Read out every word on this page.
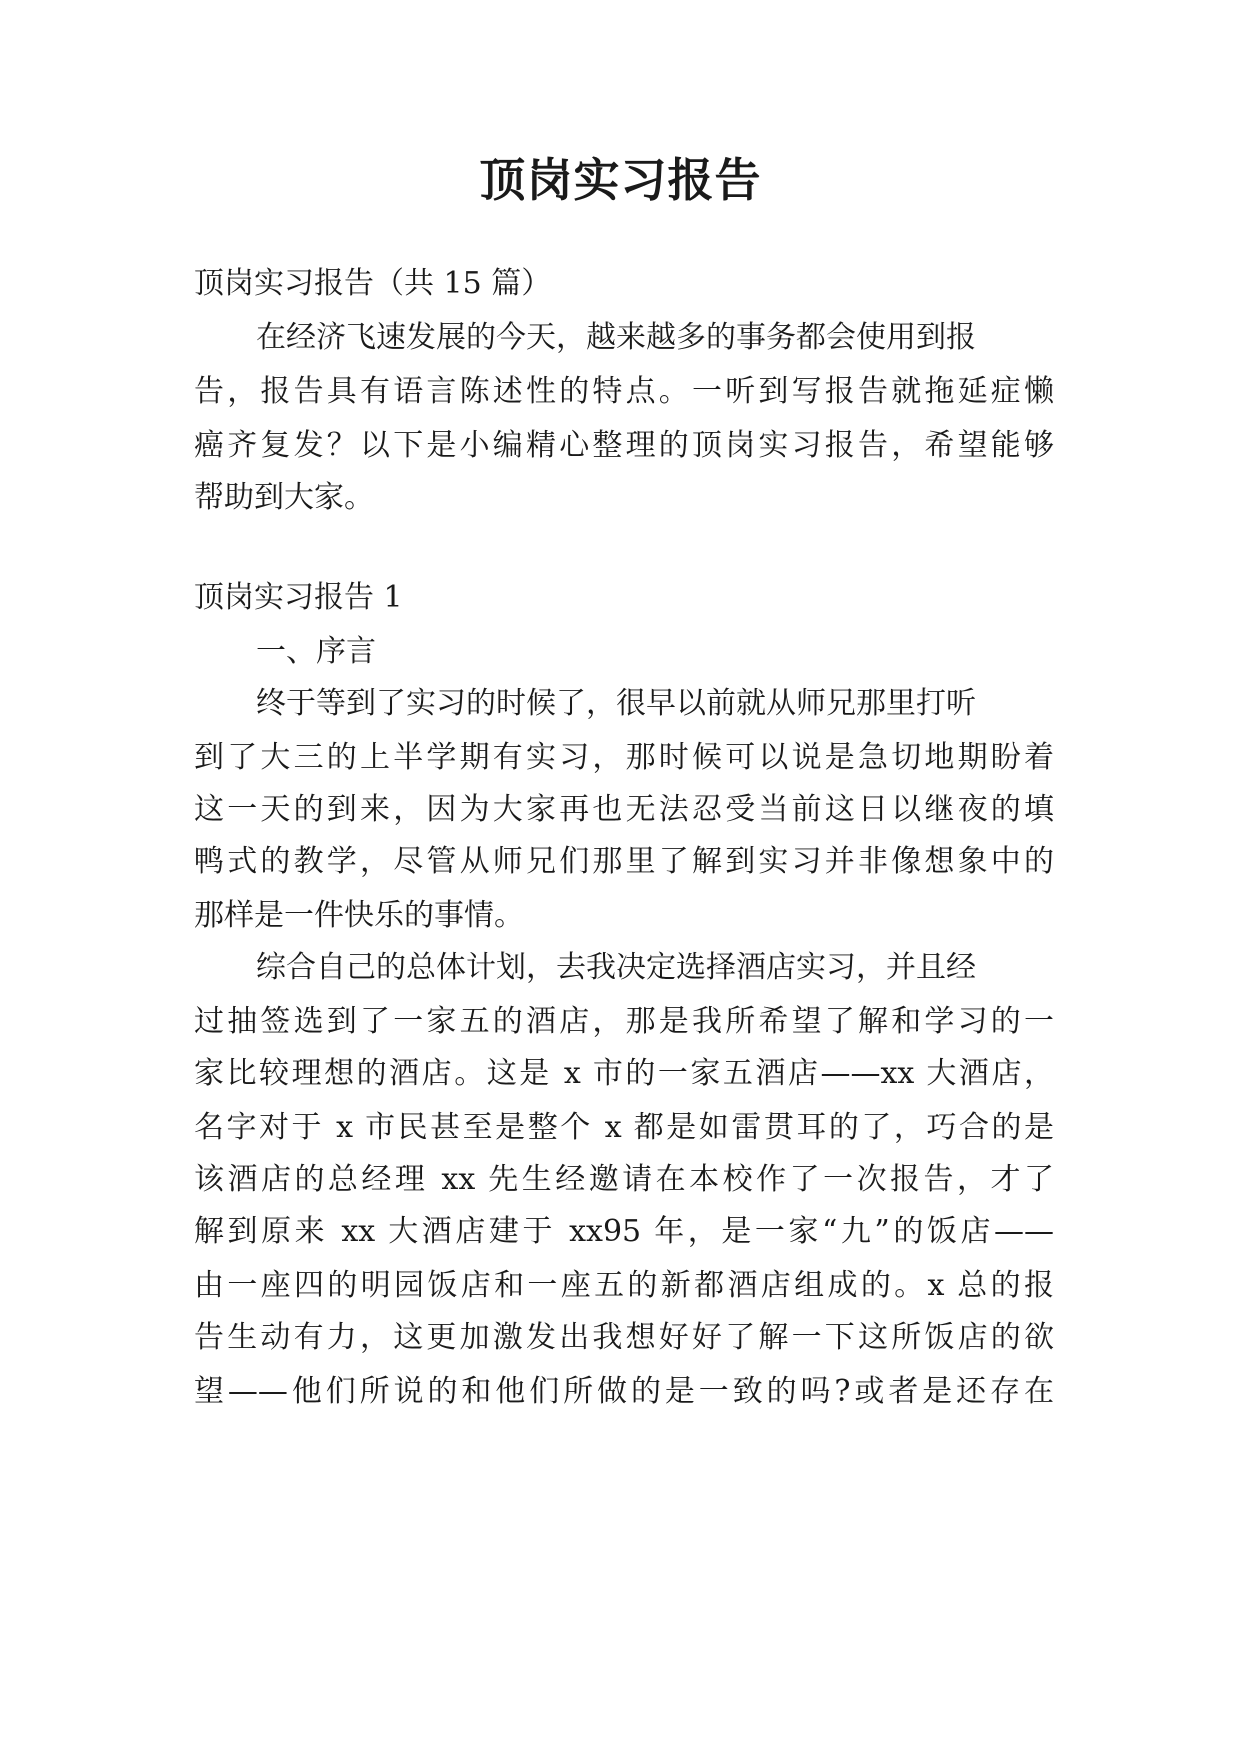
顶岗实习报告
顶岗实习报告（共 15 篇）
在经济飞速发展的今天，越来越多的事务都会使用到报
告，报告具有语言陈述性的特点。一听到写报告就拖延症懒
癌齐复发？以下是小编精心整理的顶岗实习报告，希望能够
帮助到大家。
顶岗实习报告 1
一、序言
终于等到了实习的时候了，很早以前就从师兄那里打听
到了大三的上半学期有实习，那时候可以说是急切地期盼着
这一天的到来，因为大家再也无法忍受当前这日以继夜的填
鸭式的教学，尽管从师兄们那里了解到实习并非像想象中的
那样是一件快乐的事情。
综合自己的总体计划，去我决定选择酒店实习，并且经
过抽签选到了一家五的酒店，那是我所希望了解和学习的一
家比较理想的酒店。这是 x 市的一家五酒店——xx 大酒店，
名字对于 x 市民甚至是整个 x 都是如雷贯耳的了，巧合的是
该酒店的总经理 xx 先生经邀请在本校作了一次报告，才了
解到原来 xx 大酒店建于 xx95 年，是一家“九”的饭店——
由一座四的明园饭店和一座五的新都酒店组成的。x 总的报
告生动有力，这更加激发出我想好好了解一下这所饭店的欲
望——他们所说的和他们所做的是一致的吗?或者是还存在
